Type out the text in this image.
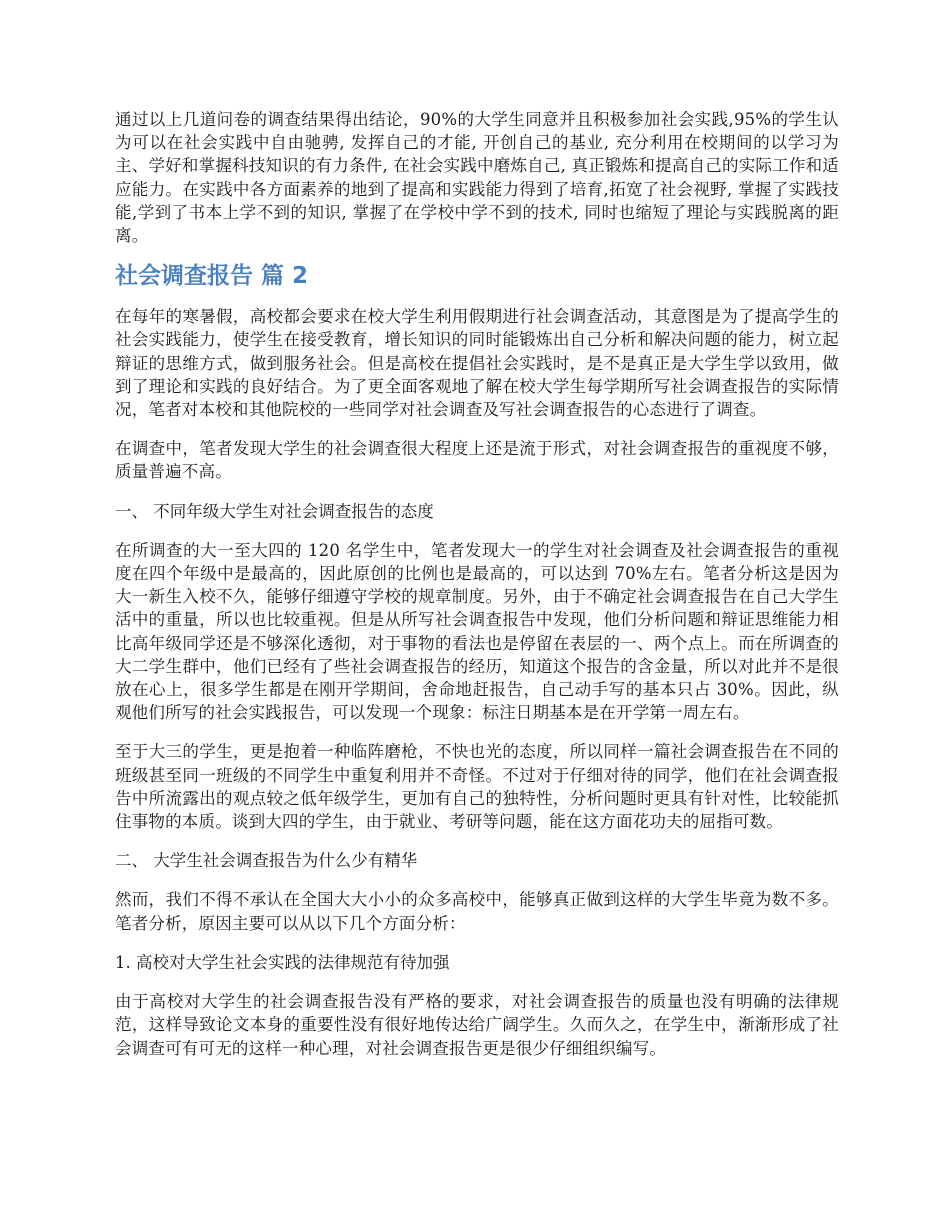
通过以上几道问卷的调查结果得出结论，90%的大学生同意并且积极参加社会实践,95%的学生认为可以在社会实践中自由驰骋, 发挥自己的才能, 开创自己的基业, 充分利用在校期间的以学习为主、学好和掌握科技知识的有力条件, 在社会实践中磨炼自己, 真正锻炼和提高自己的实际工作和适应能力。在实践中各方面素养的地到了提高和实践能力得到了培育,拓宽了社会视野, 掌握了实践技能,学到了书本上学不到的知识, 掌握了在学校中学不到的技术, 同时也缩短了理论与实践脱离的距离。

社会调查报告 篇 2

在每年的寒暑假，高校都会要求在校大学生利用假期进行社会调查活动，其意图是为了提高学生的社会实践能力，使学生在接受教育，增长知识的同时能锻炼出自己分析和解决问题的能力，树立起辩证的思维方式，做到服务社会。但是高校在提倡社会实践时，是不是真正是大学生学以致用，做到了理论和实践的良好结合。为了更全面客观地了解在校大学生每学期所写社会调查报告的实际情况，笔者对本校和其他院校的一些同学对社会调查及写社会调查报告的心态进行了调查。

在调查中，笔者发现大学生的社会调查很大程度上还是流于形式，对社会调查报告的重视度不够，质量普遍不高。

一、 不同年级大学生对社会调查报告的态度

在所调查的大一至大四的 120 名学生中，笔者发现大一的学生对社会调查及社会调查报告的重视度在四个年级中是最高的，因此原创的比例也是最高的，可以达到 70%左右。笔者分析这是因为大一新生入校不久，能够仔细遵守学校的规章制度。另外，由于不确定社会调查报告在自己大学生活中的重量，所以也比较重视。但是从所写社会调查报告中发现，他们分析问题和辩证思维能力相比高年级同学还是不够深化透彻，对于事物的看法也是停留在表层的一、两个点上。而在所调查的大二学生群中，他们已经有了些社会调查报告的经历，知道这个报告的含金量，所以对此并不是很放在心上，很多学生都是在刚开学期间，舍命地赶报告，自己动手写的基本只占 30%。因此，纵观他们所写的社会实践报告，可以发现一个现象：标注日期基本是在开学第一周左右。

至于大三的学生，更是抱着一种临阵磨枪，不快也光的态度，所以同样一篇社会调查报告在不同的班级甚至同一班级的不同学生中重复利用并不奇怪。不过对于仔细对待的同学，他们在社会调查报告中所流露出的观点较之低年级学生，更加有自己的独特性，分析问题时更具有针对性，比较能抓住事物的本质。谈到大四的学生，由于就业、考研等问题，能在这方面花功夫的屈指可数。

二、 大学生社会调查报告为什么少有精华

然而，我们不得不承认在全国大大小小的众多高校中，能够真正做到这样的大学生毕竟为数不多。笔者分析，原因主要可以从以下几个方面分析：

1. 高校对大学生社会实践的法律规范有待加强

由于高校对大学生的社会调查报告没有严格的要求，对社会调查报告的质量也没有明确的法律规范，这样导致论文本身的重要性没有很好地传达给广阔学生。久而久之，在学生中，渐渐形成了社会调查可有可无的这样一种心理，对社会调查报告更是很少仔细组织编写。
